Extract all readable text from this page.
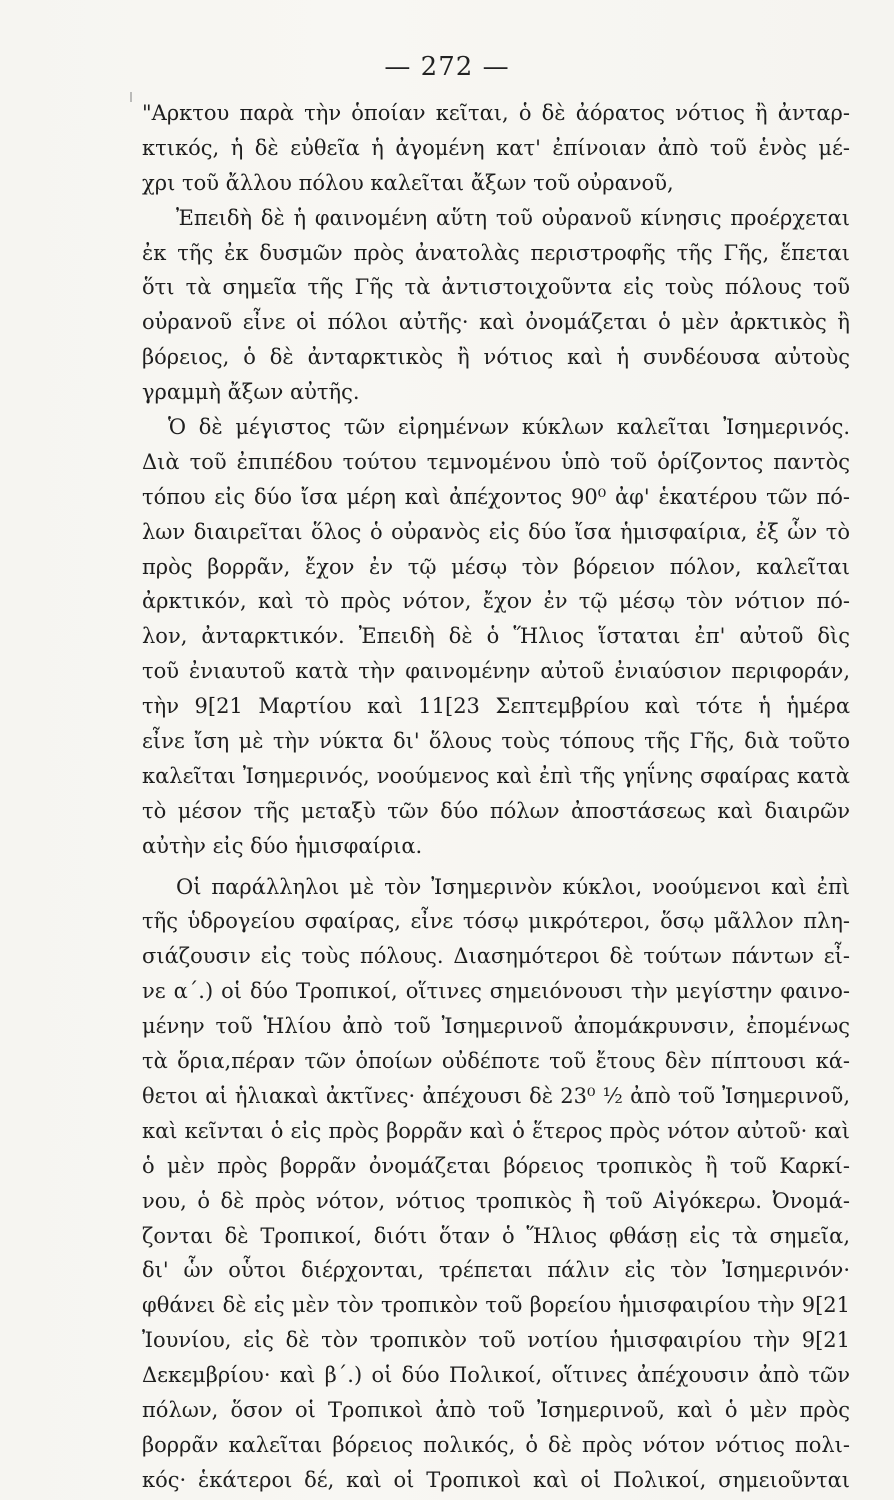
— 272 —
"Αρκτου παρὰ τὴν ὁποίαν κεῖται, ὁ δὲ ἀόρατος νότιος ἢ ἀνταρ-
κτικός, ἡ δὲ εὐθεῖα ἡ ἀγομένη κατ' ἐπίνοιαν ἀπὸ τοῦ ἑνὸς μέ-
χρι τοῦ ἄλλου πόλου καλεῖται ἄξων τοῦ οὐρανοῦ,
Ἐπειδὴ δὲ ἡ φαινομένη αὕτη τοῦ οὐρανοῦ κίνησις προέρχεται
ἐκ τῆς ἐκ δυσμῶν πρὸς ἀνατολὰς περιστροφῆς τῆς Γῆς, ἕπεται
ὅτι τὰ σημεῖα τῆς Γῆς τὰ ἀντιστοιχοῦντα εἰς τοὺς πόλους τοῦ
οὐρανοῦ εἶνε οἱ πόλοι αὐτῆς· καὶ ὀνομάζεται ὁ μὲν ἀρκτικὸς ἢ
βόρειος, ὁ δὲ ἀνταρκτικὸς ἢ νότιος καὶ ἡ συνδέουσα αὐτοὺς
γραμμὴ ἄξων αὐτῆς.
Ὁ δὲ μέγιστος τῶν εἰρημένων κύκλων καλεῖται Ἰσημερινός.
Διὰ τοῦ ἐπιπέδου τούτου τεμνομένου ὑπὸ τοῦ ὁρίζοντος παντὸς
τόπου εἰς δύο ἴσα μέρη καὶ ἀπέχοντος 90⁰ ἀφ' ἑκατέρου τῶν πό-
λων διαιρεῖται ὅλος ὁ οὐρανὸς εἰς δύο ἴσα ἡμισφαίρια, ἐξ ὧν τὸ
πρὸς βορρᾶν, ἔχον ἐν τῷ μέσῳ τὸν βόρειον πόλον, καλεῖται
ἀρκτικόν, καὶ τὸ πρὸς νότον, ἔχον ἐν τῷ μέσῳ τὸν νότιον πό-
λον, ἀνταρκτικόν. Ἐπειδὴ δὲ ὁ Ἥλιος ἵσταται ἐπ' αὐτοῦ δὶς
τοῦ ἐνιαυτοῦ κατὰ τὴν φαινομένην αὐτοῦ ἐνιαύσιον περιφοράν,
τὴν 9[21 Μαρτίου καὶ 11[23 Σεπτεμβρίου καὶ τότε ἡ ἡμέρα
εἶνε ἴση μὲ τὴν νύκτα δι' ὅλους τοὺς τόπους τῆς Γῆς, διὰ τοῦτο
καλεῖται Ἰσημερινός, νοούμενος καὶ ἐπὶ τῆς γηΐνης σφαίρας κατὰ
τὸ μέσον τῆς μεταξὺ τῶν δύο πόλων ἀποστάσεως καὶ διαιρῶν
αὐτὴν εἰς δύο ἡμισφαίρια.
Οἱ παράλληλοι μὲ τὸν Ἰσημερινὸν κύκλοι, νοούμενοι καὶ ἐπὶ
τῆς ὑδρογείου σφαίρας, εἶνε τόσῳ μικρότεροι, ὅσῳ μᾶλλον πλη-
σιάζουσιν εἰς τοὺς πόλους. Διασημότεροι δὲ τούτων πάντων εἶ-
νε α΄.) οἱ δύο Τροπικοί, οἵτινες σημειόνουσι τὴν μεγίστην φαινο-
μένην τοῦ Ἡλίου ἀπὸ τοῦ Ἰσημερινοῦ ἀπομάκρυνσιν, ἐπομένως
τὰ ὅρια,πέραν τῶν ὁποίων οὐδέποτε τοῦ ἔτους δὲν πίπτουσι κά-
θετοι αἱ ἡλιακαὶ ἀκτῖνες· ἀπέχουσι δὲ 23⁰ ½ ἀπὸ τοῦ Ἰσημερινοῦ,
καὶ κεῖνται ὁ εἰς πρὸς βορρᾶν καὶ ὁ ἕτερος πρὸς νότον αὐτοῦ· καὶ
ὁ μὲν πρὸς βορρᾶν ὀνομάζεται βόρειος τροπικὸς ἢ τοῦ Καρκί-
νου, ὁ δὲ πρὸς νότον, νότιος τροπικὸς ἢ τοῦ Αἰγόκερω. Ὀνομά-
ζονται δὲ Τροπικοί, διότι ὅταν ὁ Ἥλιος φθάσῃ εἰς τὰ σημεῖα,
δι' ὧν οὗτοι διέρχονται, τρέπεται πάλιν εἰς τὸν Ἰσημερινόν·
φθάνει δὲ εἰς μὲν τὸν τροπικὸν τοῦ βορείου ἡμισφαιρίου τὴν 9[21
Ἰουνίου, εἰς δὲ τὸν τροπικὸν τοῦ νοτίου ἡμισφαιρίου τὴν 9[21
Δεκεμβρίου· καὶ β΄.) οἱ δύο Πολικοί, οἵτινες ἀπέχουσιν ἀπὸ τῶν
πόλων, ὅσον οἱ Τροπικοὶ ἀπὸ τοῦ Ἰσημερινοῦ, καὶ ὁ μὲν πρὸς
βορρᾶν καλεῖται βόρειος πολικός, ὁ δὲ πρὸς νότον νότιος πολι-
κός· ἑκάτεροι δέ, καὶ οἱ Τροπικοὶ καὶ οἱ Πολικοί, σημειοῦνται
